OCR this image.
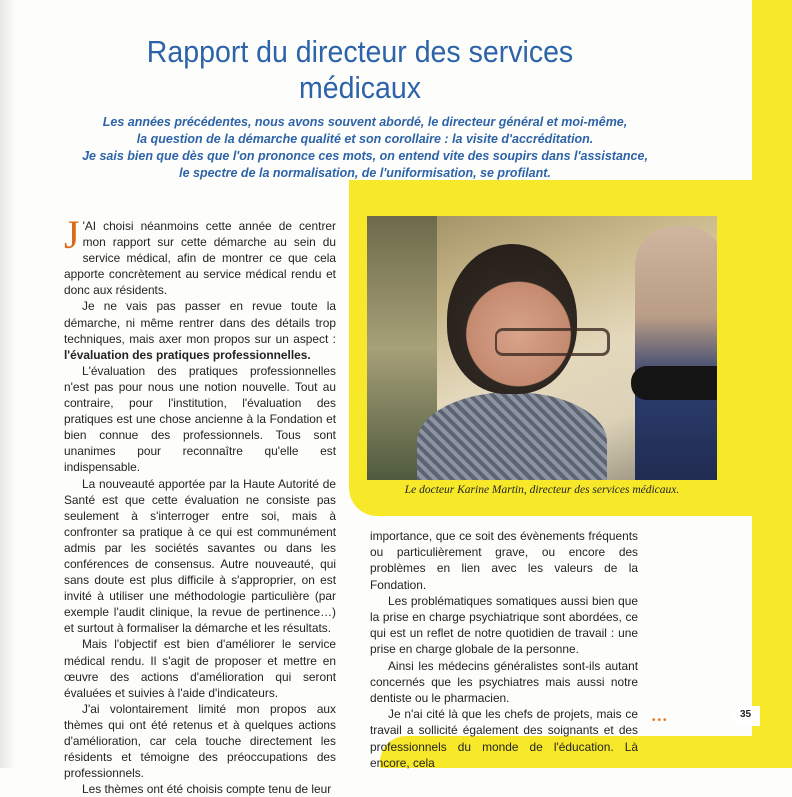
Rapport du directeur des services médicaux
Les années précédentes, nous avons souvent abordé, le directeur général et moi-même,
la question de la démarche qualité et son corollaire : la visite d'accréditation.
Je sais bien que dès que l'on prononce ces mots, on entend vite des soupirs dans l'assistance,
le spectre de la normalisation, de l'uniformisation, se profilant.

J 'AI choisi néanmoins cette année de centrer mon rapport sur cette démarche au sein du service médical, afin de montrer ce que cela apporte concrètement au service médical rendu et donc aux résidents.

Je ne vais pas passer en revue toute la démarche, ni même rentrer dans des détails trop techniques, mais axer mon propos sur un aspect : l'évaluation des pratiques professionnelles.

L'évaluation des pratiques professionnelles n'est pas pour nous une notion nouvelle. Tout au contraire, pour l'institution, l'évaluation des pratiques est une chose ancienne à la Fondation et bien connue des professionnels. Tous sont unanimes pour reconnaître qu'elle est indispensable.

La nouveauté apportée par la Haute Autorité de Santé est que cette évaluation ne consiste pas seulement à s'interroger entre soi, mais à confronter sa pratique à ce qui est communément admis par les sociétés savantes ou dans les conférences de consensus. Autre nouveauté, qui sans doute est plus difficile à s'approprier, on est invité à utiliser une méthodologie particulière (par exemple l'audit clinique, la revue de pertinence…) et surtout à formaliser la démarche et les résultats.

Mais l'objectif est bien d'améliorer le service médical rendu. Il s'agit de proposer et mettre en œuvre des actions d'amélioration qui seront évaluées et suivies à l'aide d'indicateurs.

J'ai volontairement limité mon propos aux thèmes qui ont été retenus et à quelques actions d'amélioration, car cela touche directement les résidents et témoigne des préoccupations des professionnels.

Les thèmes ont été choisis compte tenu de leur

Le docteur Karine Martin, directeur des services médicaux.

importance, que ce soit des évènements fréquents ou particulièrement grave, ou encore des problèmes en lien avec les valeurs de la Fondation.

Les problématiques somatiques aussi bien que la prise en charge psychiatrique sont abordées, ce qui est un reflet de notre quotidien de travail : une prise en charge globale de la personne.

Ainsi les médecins généralistes sont-ils autant concernés que les psychiatres mais aussi notre dentiste ou le pharmacien.

Je n'ai cité là que les chefs de projets, mais ce travail a sollicité également des soignants et des professionnels du monde de l'éducation. Là encore, cela

•••
35
